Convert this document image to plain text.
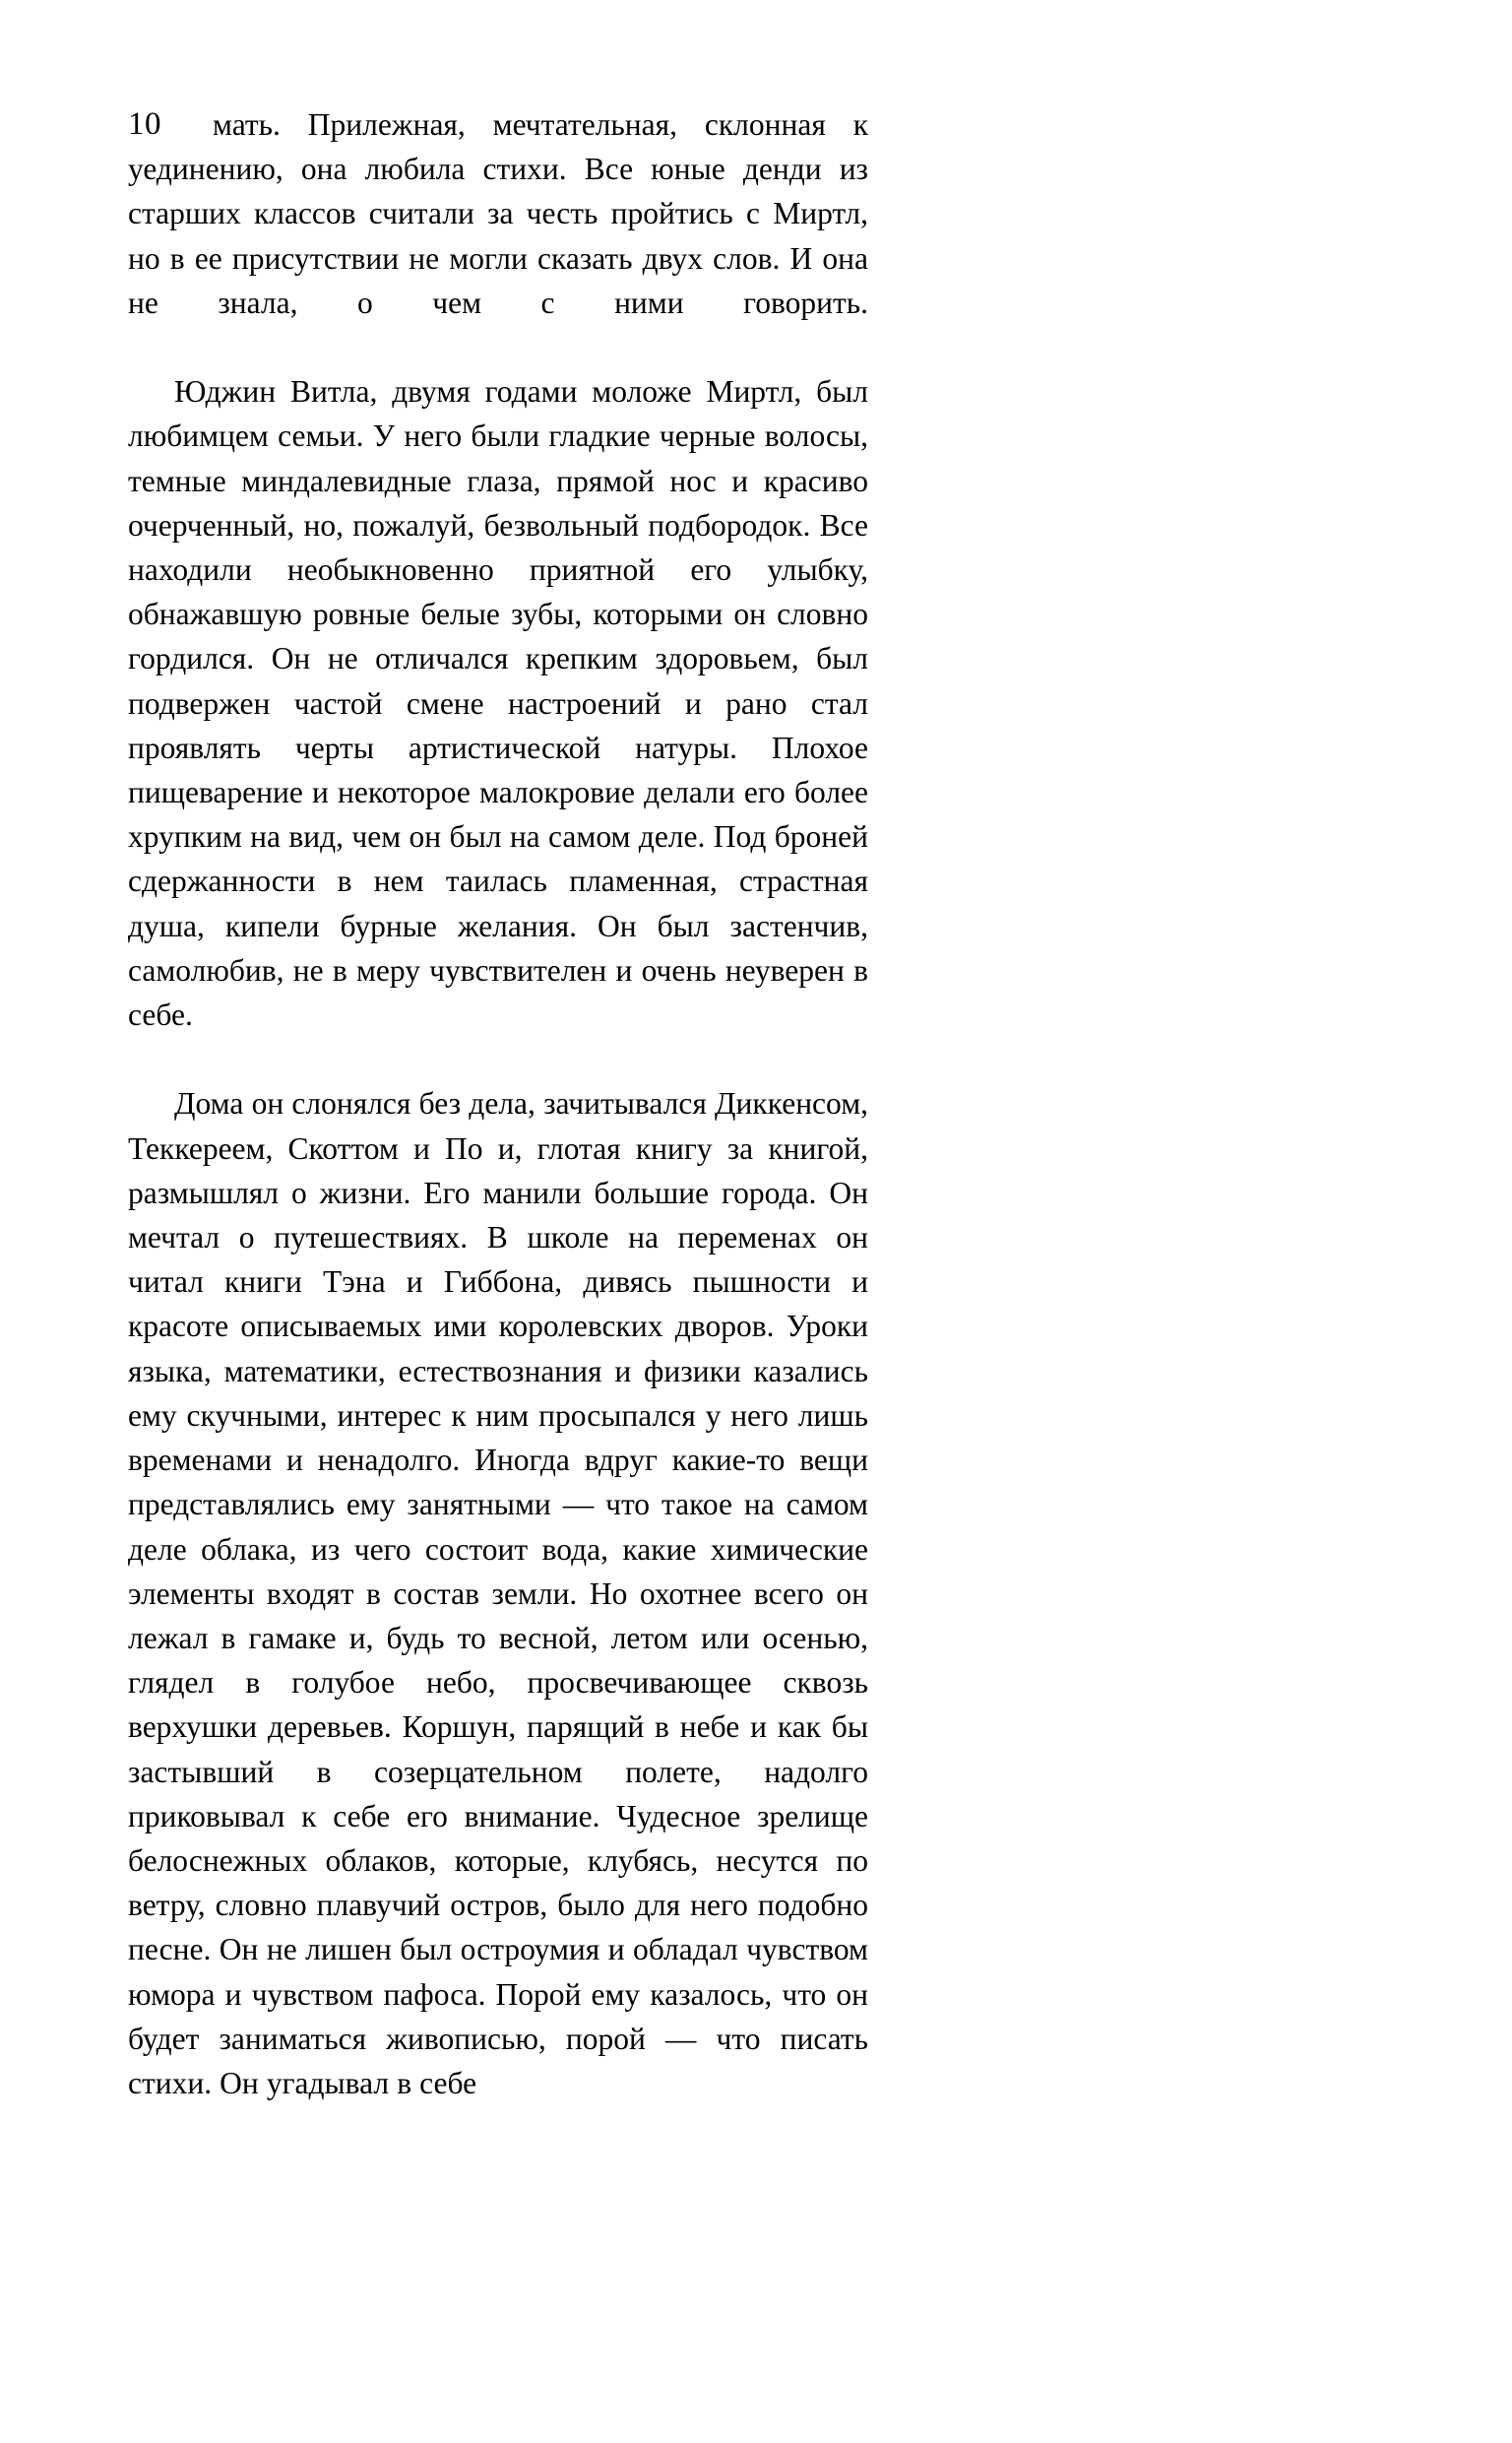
10	мать. Прилежная, мечтательная, склонная к уединению, она любила стихи. Все юные денди из старших классов считали за честь пройтись с Миртл, но в ее присутствии не могли сказать двух слов. И она не знала, о чем с ними говорить.

Юджин Витла, двумя годами моложе Миртл, был любимцем семьи. У него были гладкие черные волосы, темные миндалевидные глаза, прямой нос и красиво очерченный, но, пожалуй, безвольный подбородок. Все находили необыкновенно приятной его улыбку, обнажавшую ровные белые зубы, которыми он словно гордился. Он не отличался крепким здоровьем, был подвержен частой смене настроений и рано стал проявлять черты артистической натуры. Плохое пищеварение и некоторое малокровие делали его более хрупким на вид, чем он был на самом деле. Под броней сдержанности в нем таилась пламенная, страстная душа, кипели бурные желания. Он был застенчив, самолюбив, не в меру чувствителен и очень неуверен в себе.

Дома он слонялся без дела, зачитывался Диккенсом, Теккереем, Скоттом и По и, глотая книгу за книгой, размышлял о жизни. Его манили большие города. Он мечтал о путешествиях. В школе на переменах он читал книги Тэна и Гиббона, дивясь пышности и красоте описываемых ими королевских дворов. Уроки языка, математики, естествознания и физики казались ему скучными, интерес к ним просыпался у него лишь временами и ненадолго. Иногда вдруг какие-то вещи представлялись ему занятными — что такое на самом деле облака, из чего состоит вода, какие химические элементы входят в состав земли. Но охотнее всего он лежал в гамаке и, будь то весной, летом или осенью, глядел в голубое небо, просвечивающее сквозь верхушки деревьев. Коршун, парящий в небе и как бы застывший в созерцательном полете, надолго приковывал к себе его внимание. Чудесное зрелище белоснежных облаков, которые, клубясь, несутся по ветру, словно плавучий остров, было для него подобно песне. Он не лишен был остроумия и обладал чувством юмора и чувством пафоса. Порой ему казалось, что он будет заниматься живописью, порой — что писать стихи. Он угадывал в себе
